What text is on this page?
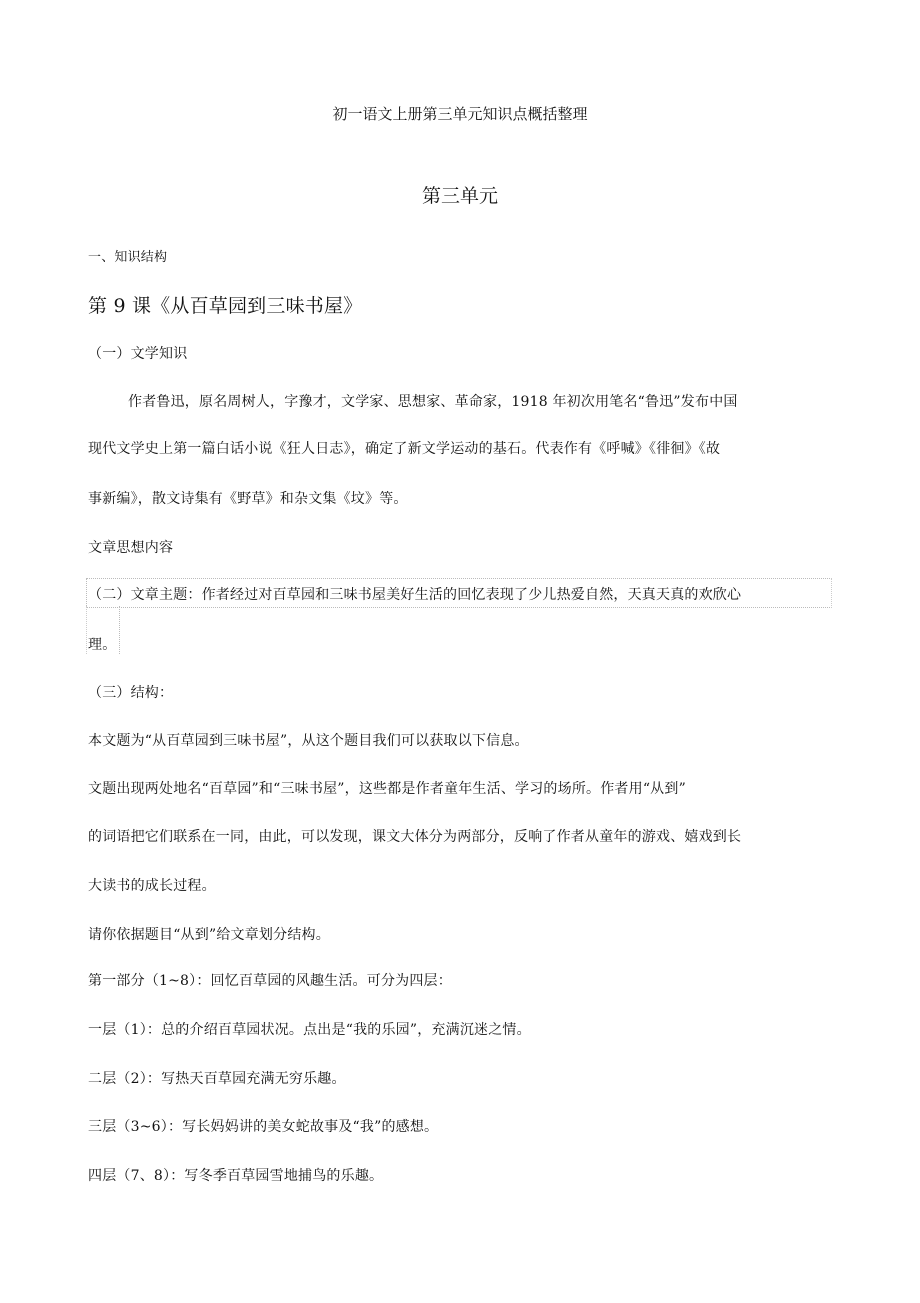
初一语文上册第三单元知识点概括整理
第三单元
一、知识结构
第 9 课《从百草园到三味书屋》
（一）文学知识
作者鲁迅，原名周树人，字豫才，文学家、思想家、革命家，1918 年初次用笔名“鲁迅”发布中国
现代文学史上第一篇白话小说《狂人日志》，确定了新文学运动的基石。代表作有《呼喊》《徘徊》《故
事新编》，散文诗集有《野草》和杂文集《坟》等。
文章思想内容
（二）文章主题：作者经过对百草园和三味书屋美好生活的回忆表现了少儿热爱自然，天真天真的欢欣心
理。
（三）结构：
本文题为“从百草园到三味书屋”，从这个题目我们可以获取以下信息。
文题出现两处地名“百草园”和“三味书屋”，这些都是作者童年生活、学习的场所。作者用“从到”
的词语把它们联系在一同，由此，可以发现，课文大体分为两部分，反响了作者从童年的游戏、嬉戏到长
大读书的成长过程。
请你依据题目“从到”给文章划分结构。
第一部分（1~8）：回忆百草园的风趣生活。可分为四层：
一层（1）：总的介绍百草园状况。点出是“我的乐园”，充满沉迷之情。
二层（2）：写热天百草园充满无穷乐趣。
三层（3~6）：写长妈妈讲的美女蛇故事及“我”的感想。
四层（7、8）：写冬季百草园雪地捕鸟的乐趣。
